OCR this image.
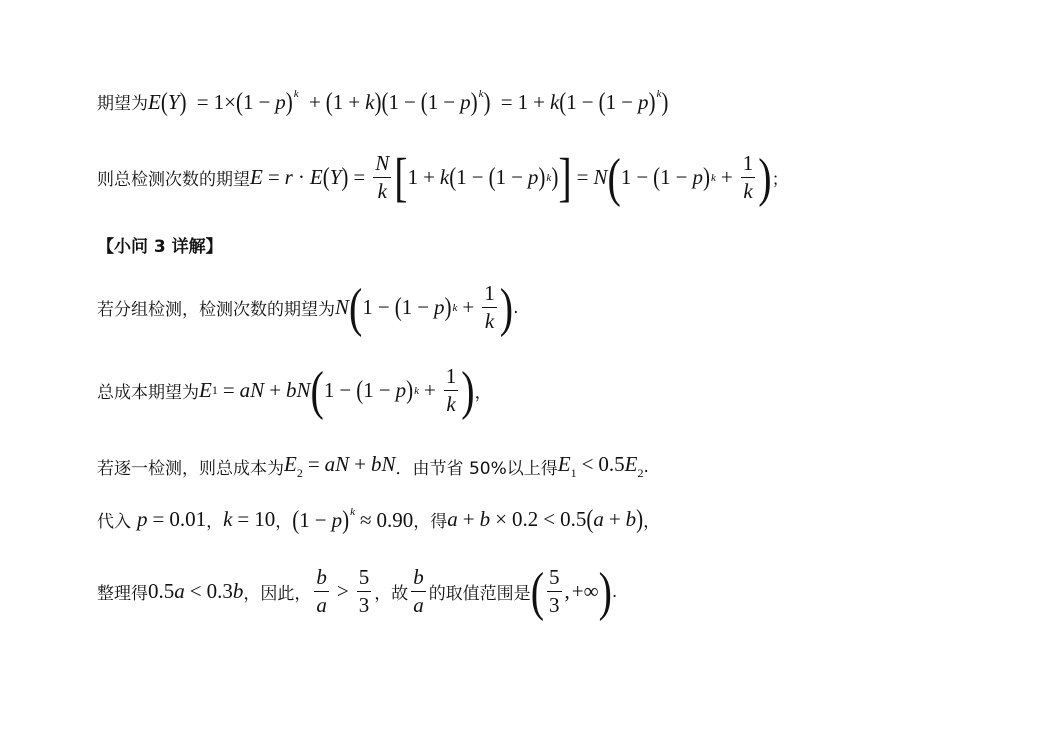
期望为 $E(Y) = 1\times(1 - p)^k + (1 + k)(1 - (1 - p)^k) = 1 + k(1 - (1 - p)^k)$
则总检测次数的期望 E = r · E ( Y ) = $\frac{N}{k}$ [ 1 + k ( 1 − ( 1 − p ) k ) ] = N ( 1 − ( 1 − p ) $k + \frac{1}{k}$ ) ；
【小问 3 详解】
若分组检测，检测次数的期望为 N ( 1 − ( 1 − p ) $k + \frac{1}{k}$ ) .
总成本期望为 E 1 = aN + bN ( 1 − ( 1 − p ) $k + \frac{1}{k}$ ) ，
若逐一检测，则总成本为 $E_2$ = aN + bN ．由节省 50%以上得 $E_1 < 0.5E_2$ .
代入 p = 0.01 ， k = 10 ， $(1 - p)^k \approx 0.90$ ，得 a + b × 0.2 < 0.5(a + b) ，
整理得 0.5a < 0.3b ，因此， $\frac{b}{a} > \frac{5}{3}$ ，故 $\frac{b}{a}$ 的取值范围是 ( $\frac{5}{3}$ , +∞ ) .
